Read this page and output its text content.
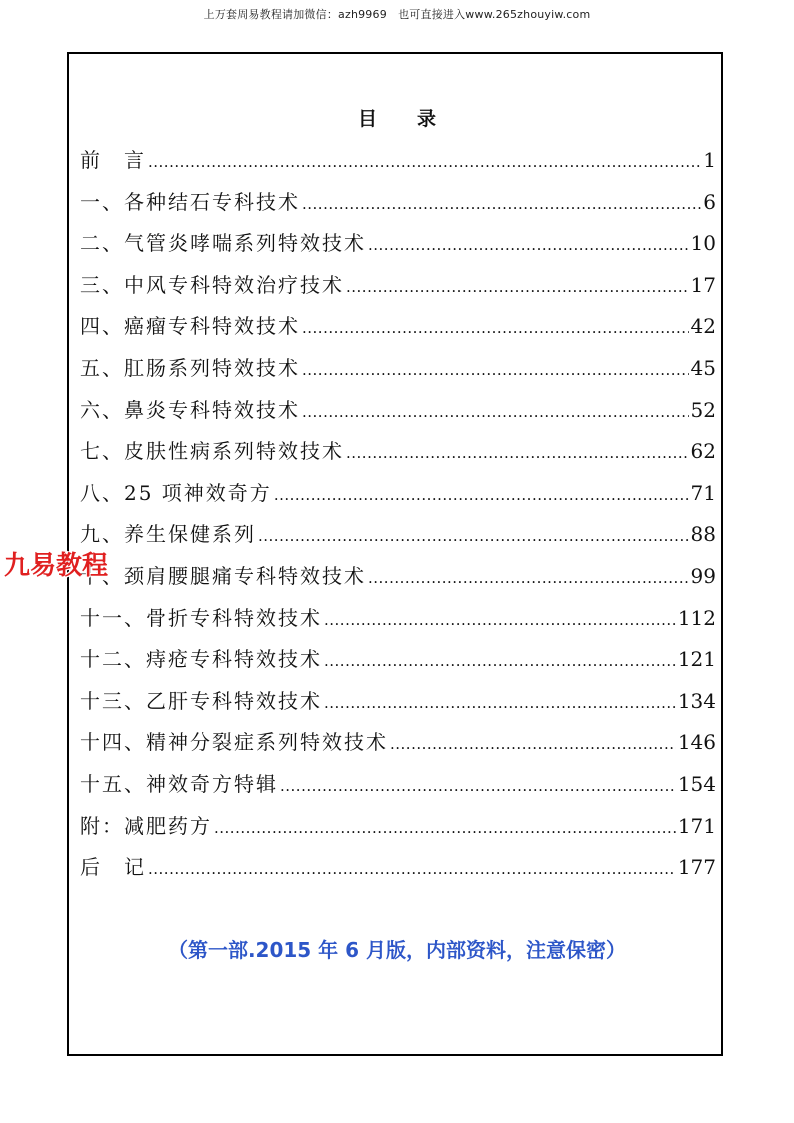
上万套周易教程请加微信：azh9969　也可直接进入www.265zhouyiw.com
目 录
前　言 .....	1
一、各种结石专科技术 .....	6
二、气管炎哮喘系列特效技术 .....	10
三、中风专科特效治疗技术 .....	17
四、癌瘤专科特效技术 .....	42
五、肛肠系列特效技术 .....	45
六、鼻炎专科特效技术 .....	52
七、皮肤性病系列特效技术 .....	62
八、25 项神效奇方 .....	71
九、养生保健系列 .....	88
十、颈肩腰腿痛专科特效技术 .....	99
十一、骨折专科特效技术 .....	112
十二、痔疮专科特效技术 .....	121
十三、乙肝专科特效技术 .....	134
十四、精神分裂症系列特效技术 .....	146
十五、神效奇方特辑 .....	154
附：减肥药方 .....	171
后　记 .....	177
（第一部.2015 年 6 月版，内部资料，注意保密）
九易教程
